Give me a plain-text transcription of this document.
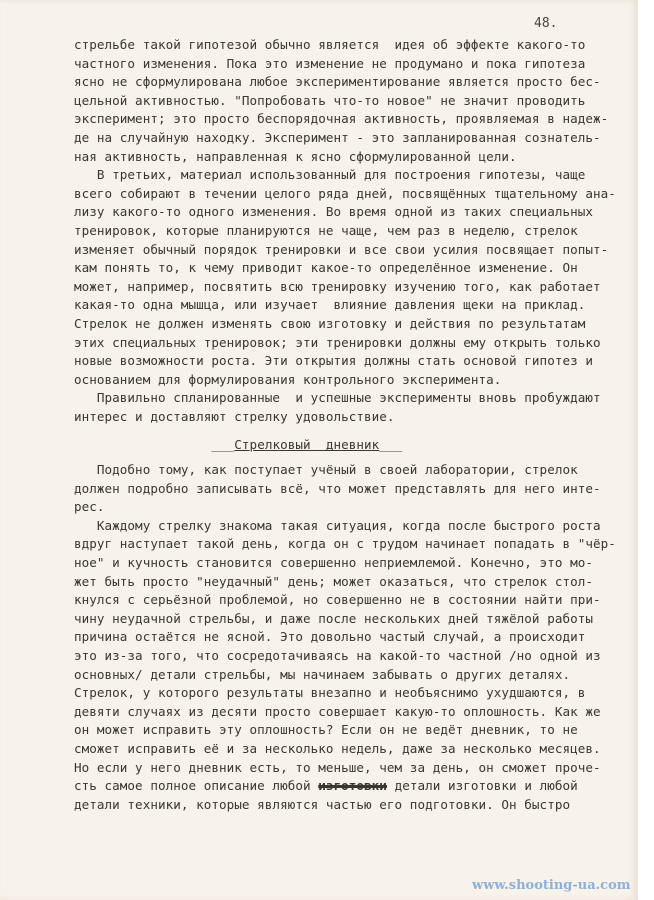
48.
стрельбе такой гипотезой обычно является  идея об эффекте какого-то
частного изменения. Пока это изменение не продумано и пока гипотеза
ясно не сформулирована любое экспериментирование является просто бес-
цельной активностью. "Попробовать что-то новое" не значит проводить
эксперимент; это просто беспорядочная активность, проявляемая в надеж-
де на случайную находку. Эксперимент - это запланированная сознатель-
ная активность, направленная к ясно сформулированной цели.
В третьих, материал использованный для построения гипотезы, чаще
всего собирают в течении целого ряда дней, посвящённых тщательному ана-
лизу какого-то одного изменения. Во время одной из таких специальных
тренировок, которые планируются не чаще, чем раз в неделю, стрелок
изменяет обычный порядок тренировки и все свои усилия посвящает попыт-
кам понять то, к чему приводит какое-то определённое изменение. Он
может, например, посвятить всю тренировку изучению того, как работает
какая-то одна мышца, или изучает  влияние давления щеки на приклад.
Стрелок не должен изменять свою изготовку и действия по результатам
этих специальных тренировок; эти тренировки должны ему открыть только
новые возможности роста. Эти открытия должны стать основой гипотез и
основанием для формулирования контрольного эксперимента.
Правильно спланированные  и успешные эксперименты вновь пробуждают
интерес и доставляют стрелку удовольствие.
___Стрелковый  дневник___
Подобно тому, как поступает учёный в своей лаборатории, стрелок
должен подробно записывать всё, что может представлять для него инте-
рес.
Каждому стрелку знакома такая ситуация, когда после быстрого роста
вдруг наступает такой день, когда он с трудом начинает попадать в "чёр-
ное" и кучность становится совершенно неприемлемой. Конечно, это мо-
жет быть просто "неудачный" день; может оказаться, что стрелок стол-
кнулся с серьёзной проблемой, но совершенно не в состоянии найти при-
чину неудачной стрельбы, и даже после нескольких дней тяжёлой работы
причина остаётся не ясной. Это довольно частый случай, а происходит
это из-за того, что сосредотачиваясь на какой-то частной /но одной из
основных/ детали стрельбы, мы начинаем забывать о других деталях.
Стрелок, у которого результаты внезапно и необъяснимо ухудшаются, в
девяти случаях из десяти просто совершает какую-то оплошность. Как же
он может исправить эту оплошность? Если он не ведёт дневник, то не
сможет исправить её и за несколько недель, даже за несколько месяцев.
Но если у него дневник есть, то меньше, чем за день, он сможет проче-
сть самое полное описание любой изготовки детали изготовки и любой
детали техники, которые являются частью его подготовки. Он быстро
www.shooting-ua.com
